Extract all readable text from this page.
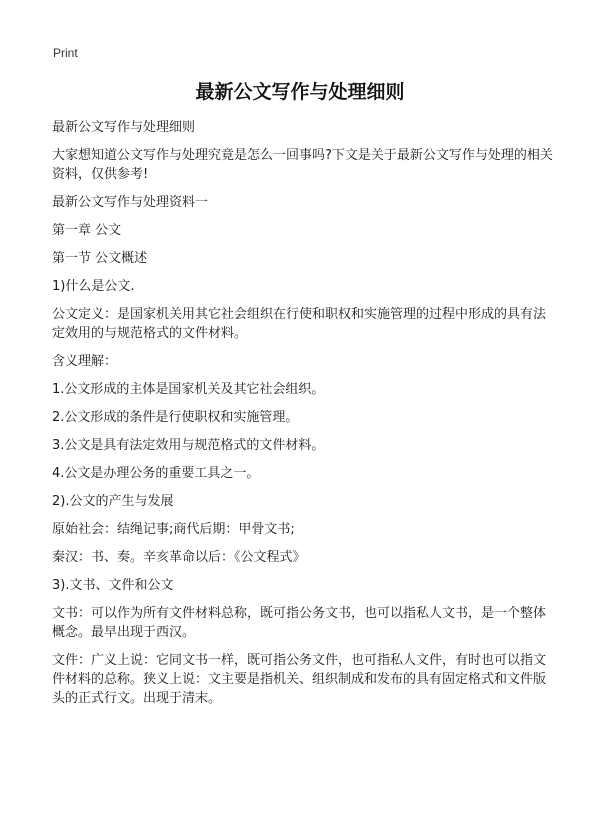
Print
最新公文写作与处理细则

最新公文写作与处理细则

大家想知道公文写作与处理究竟是怎么一回事吗?下文是关于最新公文写作与处理的相关资料，仅供参考!

最新公文写作与处理资料一

第一章 公文

第一节 公文概述

1)什么是公文.

公文定义：是国家机关用其它社会组织在行使和职权和实施管理的过程中形成的具有法定效用的与规范格式的文件材料。

含义理解：

1.公文形成的主体是国家机关及其它社会组织。

2.公文形成的条件是行使职权和实施管理。

3.公文是具有法定效用与规范格式的文件材料。

4.公文是办理公务的重要工具之一。

2).公文的产生与发展

原始社会：结绳记事;商代后期：甲骨文书;

秦汉：书、奏。辛亥革命以后：《公文程式》

3).文书、文件和公文

文书：可以作为所有文件材料总称，既可指公务文书，也可以指私人文书，是一个整体概念。最早出现于西汉。

文件：广义上说：它同文书一样，既可指公务文件，也可指私人文件，有时也可以指文件材料的总称。狭义上说：文主要是指机关、组织制成和发布的具有固定格式和文件版头的正式行文。出现于清末。
